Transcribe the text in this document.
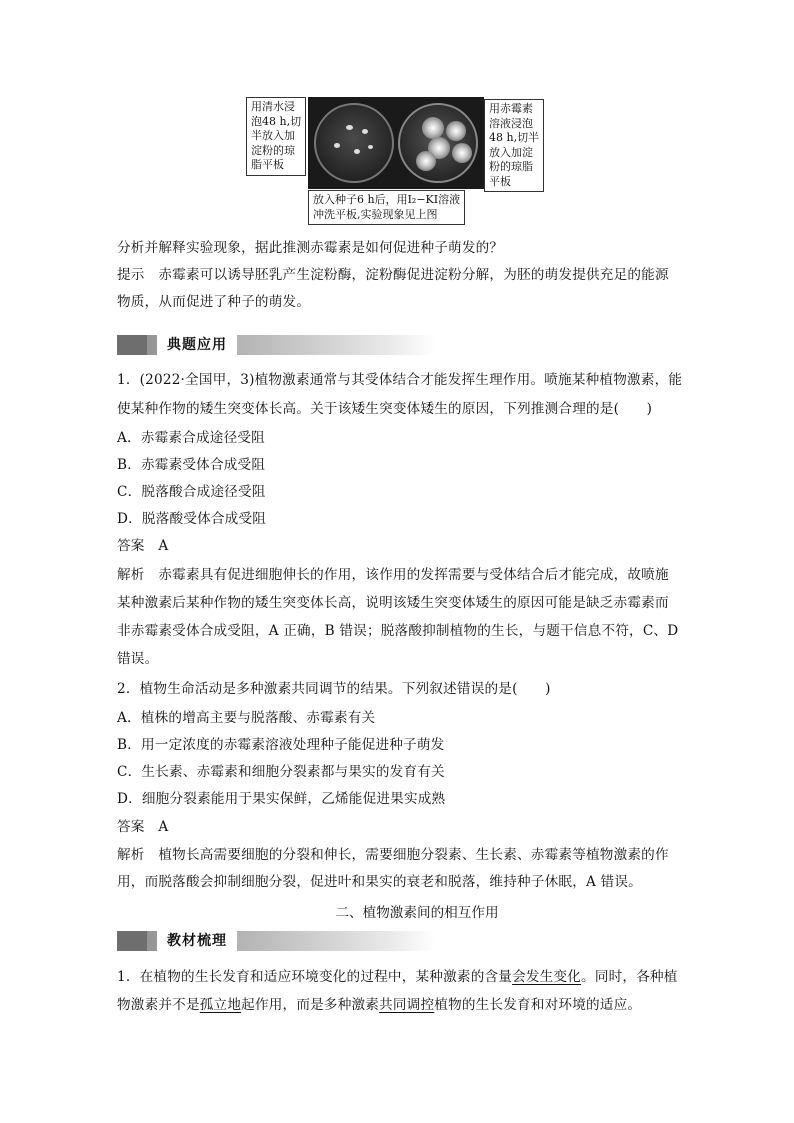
用清水浸
泡48 h,切
半放入加
淀粉的琼
脂平板
用赤霉素
溶液浸泡
48 h,切半
放入加淀
粉的琼脂
平板
放入种子6 h后，用I₂−KI溶液
冲洗平板,实验现象见上图
分析并解释实验现象，据此推测赤霉素是如何促进种子萌发的？
提示　赤霉素可以诱导胚乳产生淀粉酶，淀粉酶促进淀粉分解，为胚的萌发提供充足的能源
物质，从而促进了种子的萌发。
典题应用
1．(2022·全国甲，3)植物激素通常与其受体结合才能发挥生理作用。喷施某种植物激素，能
使某种作物的矮生突变体长高。关于该矮生突变体矮生的原因，下列推测合理的是(　　)
A．赤霉素合成途径受阻
B．赤霉素受体合成受阻
C．脱落酸合成途径受阻
D．脱落酸受体合成受阻
答案　A
解析　赤霉素具有促进细胞伸长的作用，该作用的发挥需要与受体结合后才能完成，故喷施
某种激素后某种作物的矮生突变体长高，说明该矮生突变体矮生的原因可能是缺乏赤霉素而
非赤霉素受体合成受阻，A 正确，B 错误；脱落酸抑制植物的生长，与题干信息不符，C、D
错误。
2．植物生命活动是多种激素共同调节的结果。下列叙述错误的是(　　)
A．植株的增高主要与脱落酸、赤霉素有关
B．用一定浓度的赤霉素溶液处理种子能促进种子萌发
C．生长素、赤霉素和细胞分裂素都与果实的发育有关
D．细胞分裂素能用于果实保鲜，乙烯能促进果实成熟
答案　A
解析　植物长高需要细胞的分裂和伸长，需要细胞分裂素、生长素、赤霉素等植物激素的作
用，而脱落酸会抑制细胞分裂，促进叶和果实的衰老和脱落，维持种子休眠，A 错误。
二、植物激素间的相互作用
教材梳理
1．在植物的生长发育和适应环境变化的过程中，某种激素的含量会发生变化。同时，各种植
物激素并不是孤立地起作用，而是多种激素共同调控植物的生长发育和对环境的适应。
